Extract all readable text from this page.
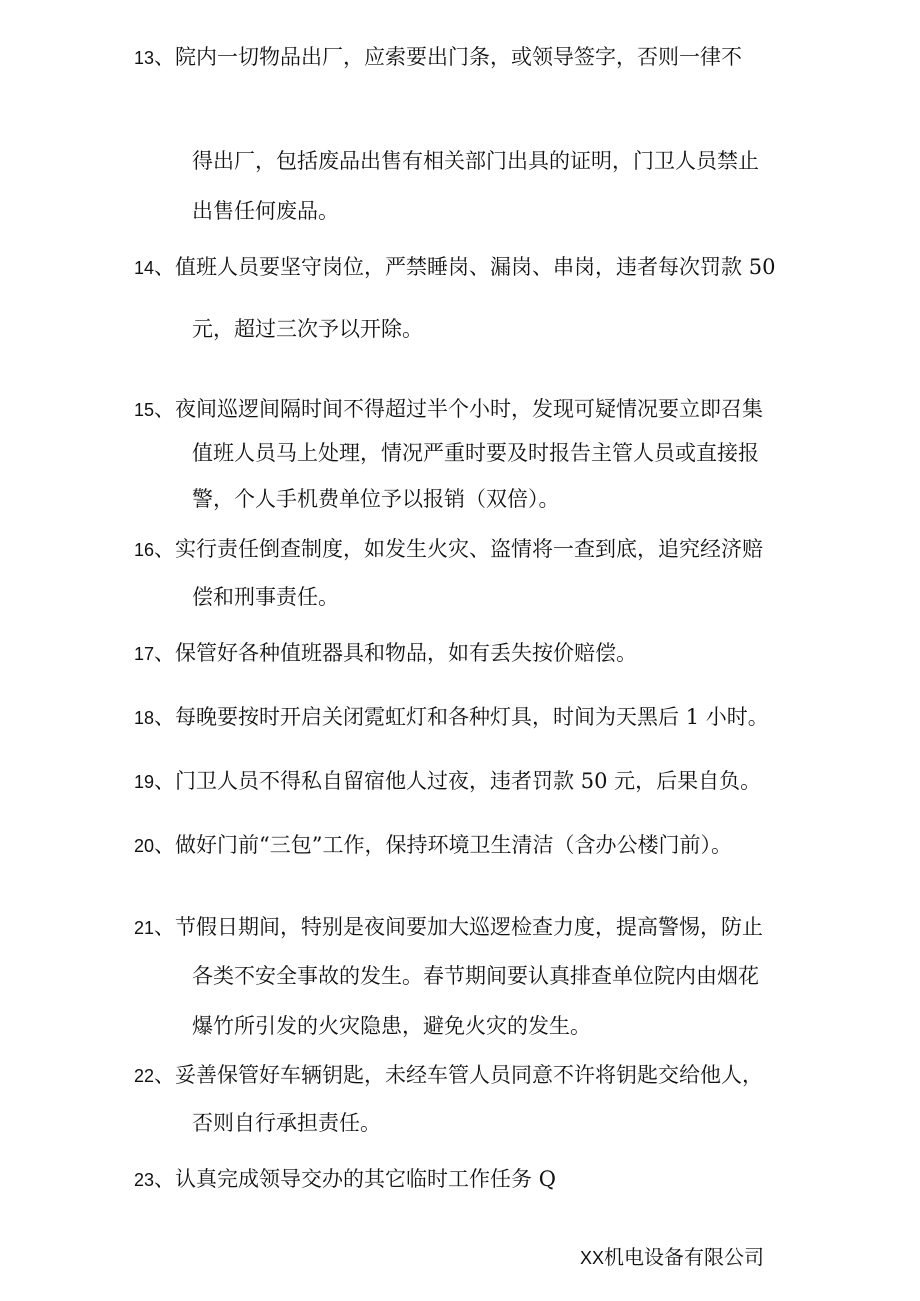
13、院内一切物品出厂，应索要出门条，或领导签字，否则一律不
得出厂，包括废品出售有相关部门出具的证明，门卫人员禁止
出售任何废品。
14、值班人员要坚守岗位，严禁睡岗、漏岗、串岗，违者每次罚款 50
元，超过三次予以开除。
15、夜间巡逻间隔时间不得超过半个小时，发现可疑情况要立即召集
值班人员马上处理，情况严重时要及时报告主管人员或直接报
警，个人手机费单位予以报销（双倍）。
16、实行责任倒查制度，如发生火灾、盗情将一查到底，追究经济赔
偿和刑事责任。
17、保管好各种值班器具和物品，如有丢失按价赔偿。
18、每晚要按时开启关闭霓虹灯和各种灯具，时间为天黑后 1 小时。
19、门卫人员不得私自留宿他人过夜，违者罚款 50 元，后果自负。
20、做好门前“三包”工作，保持环境卫生清洁（含办公楼门前）。
21、节假日期间，特别是夜间要加大巡逻检查力度，提高警惕，防止
各类不安全事故的发生。春节期间要认真排查单位院内由烟花
爆竹所引发的火灾隐患，避免火灾的发生。
22、妥善保管好车辆钥匙，未经车管人员同意不许将钥匙交给他人，
否则自行承担责任。
23、认真完成领导交办的其它临时工作任务 Q
XX机电设备有限公司
